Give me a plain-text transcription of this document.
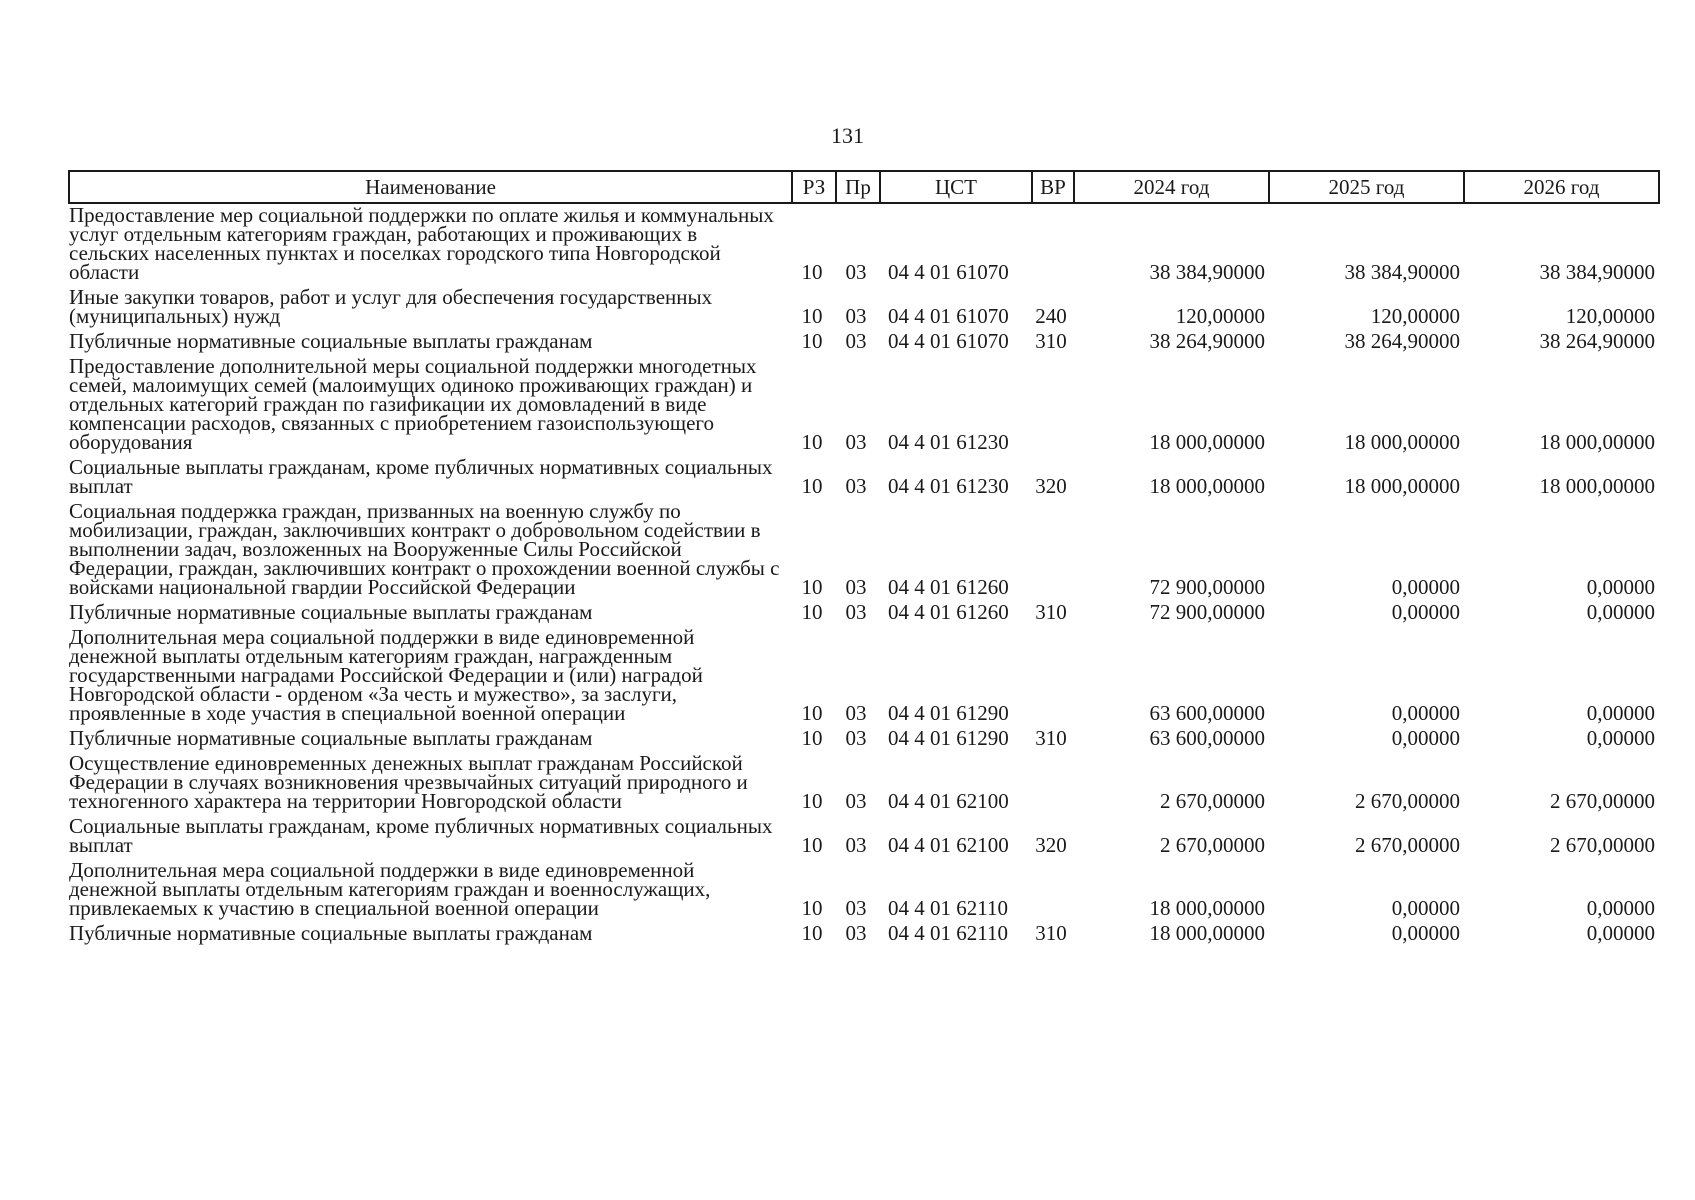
131
Наименование	РЗ	Пр	ЦСТ	ВР	2024 год	2025 год	2026 год
Предоставление мер социальной поддержки по оплате жилья и коммунальных услуг отдельным категориям граждан, работающих и проживающих в сельских населенных пунктах и поселках городского типа Новгородской области	10	03	04 4 01 61070		38 384,90000	38 384,90000	38 384,90000
Иные закупки товаров, работ и услуг для обеспечения государственных (муниципальных) нужд	10	03	04 4 01 61070	240	120,00000	120,00000	120,00000
Публичные нормативные социальные выплаты гражданам	10	03	04 4 01 61070	310	38 264,90000	38 264,90000	38 264,90000
Предоставление дополнительной меры социальной поддержки многодетных семей, малоимущих семей (малоимущих одиноко проживающих граждан) и отдельных категорий граждан по газификации их домовладений в виде компенсации расходов, связанных с приобретением газоиспользующего оборудования	10	03	04 4 01 61230		18 000,00000	18 000,00000	18 000,00000
Социальные выплаты гражданам, кроме публичных нормативных социальных выплат	10	03	04 4 01 61230	320	18 000,00000	18 000,00000	18 000,00000
Социальная поддержка граждан, призванных на военную службу по мобилизации, граждан, заключивших контракт о добровольном содействии в выполнении задач, возложенных на Вооруженные Силы Российской Федерации, граждан, заключивших контракт о прохождении военной службы с войсками национальной гвардии Российской Федерации	10	03	04 4 01 61260		72 900,00000	0,00000	0,00000
Публичные нормативные социальные выплаты гражданам	10	03	04 4 01 61260	310	72 900,00000	0,00000	0,00000
Дополнительная мера социальной поддержки в виде единовременной денежной выплаты отдельным категориям граждан, награжденным государственными наградами Российской Федерации и (или) наградой Новгородской области - орденом «За честь и мужество», за заслуги, проявленные в ходе участия в специальной военной операции	10	03	04 4 01 61290		63 600,00000	0,00000	0,00000
Публичные нормативные социальные выплаты гражданам	10	03	04 4 01 61290	310	63 600,00000	0,00000	0,00000
Осуществление единовременных денежных выплат гражданам Российской Федерации в случаях возникновения чрезвычайных ситуаций природного и техногенного характера на территории Новгородской области	10	03	04 4 01 62100		2 670,00000	2 670,00000	2 670,00000
Социальные выплаты гражданам, кроме публичных нормативных социальных выплат	10	03	04 4 01 62100	320	2 670,00000	2 670,00000	2 670,00000
Дополнительная мера социальной поддержки в виде единовременной денежной выплаты отдельным категориям граждан и военнослужащих, привлекаемых к участию в специальной военной операции	10	03	04 4 01 62110		18 000,00000	0,00000	0,00000
Публичные нормативные социальные выплаты гражданам	10	03	04 4 01 62110	310	18 000,00000	0,00000	0,00000
